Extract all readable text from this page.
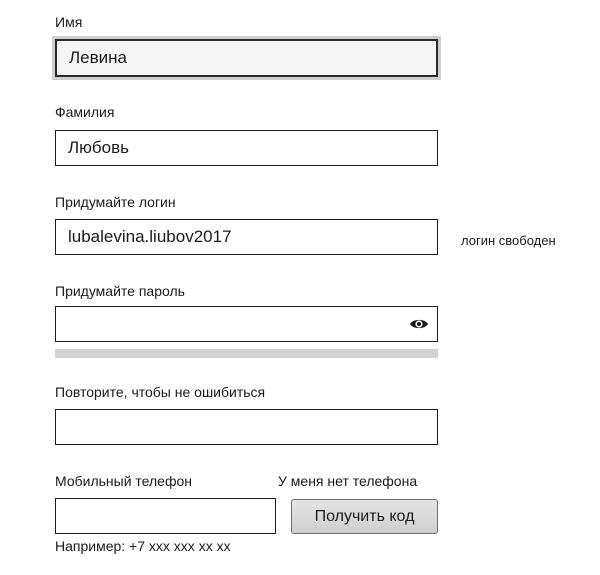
Имя
Левина
Фамилия
Любовь
Придумайте логин
lubalevina.liubov2017
логин свободен
Придумайте пароль
Повторите, чтобы не ошибиться
Мобильный телефон	У меня нет телефона
Получить код
Например: +7 xxx xxx xx xx
